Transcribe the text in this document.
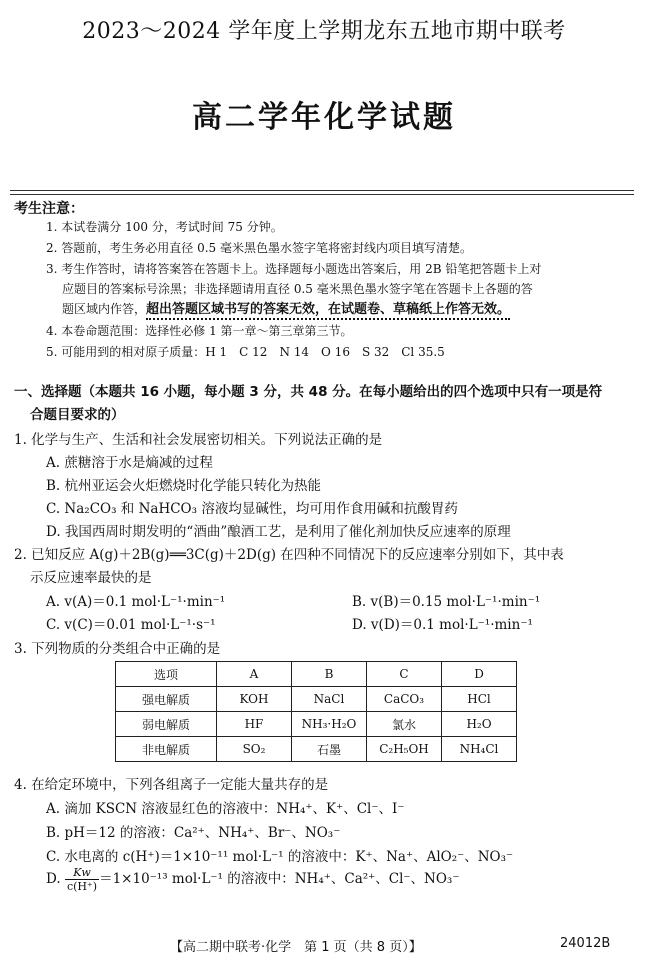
2023～2024 学年度上学期龙东五地市期中联考
高二学年化学试题
考生注意：
1. 本试卷满分 100 分，考试时间 75 分钟。
2. 答题前，考生务必用直径 0.5 毫米黑色墨水签字笔将密封线内项目填写清楚。
3. 考生作答时，请将答案答在答题卡上。选择题每小题选出答案后，用 2B 铅笔把答题卡上对
应题目的答案标号涂黑；非选择题请用直径 0.5 毫米黑色墨水签字笔在答题卡上各题的答
题区域内作答，超出答题区域书写的答案无效，在试题卷、草稿纸上作答无效。
4. 本卷命题范围：选择性必修 1 第一章～第三章第三节。
5. 可能用到的相对原子质量：H 1　C 12　N 14　O 16　S 32　Cl 35.5
一、选择题（本题共 16 小题，每小题 3 分，共 48 分。在每小题给出的四个选项中只有一项是符
合题目要求的）
1. 化学与生产、生活和社会发展密切相关。下列说法正确的是
A. 蔗糖溶于水是熵减的过程
B. 杭州亚运会火炬燃烧时化学能只转化为热能
C. Na₂CO₃ 和 NaHCO₃ 溶液均显碱性，均可用作食用碱和抗酸胃药
D. 我国西周时期发明的“酒曲”酿酒工艺，是利用了催化剂加快反应速率的原理
2. 已知反应 A(g)＋2B(g)══3C(g)＋2D(g) 在四种不同情况下的反应速率分别如下，其中表
示反应速率最快的是
A. v(A)＝0.1 mol·L⁻¹·min⁻¹	B. v(B)＝0.15 mol·L⁻¹·min⁻¹
C. v(C)＝0.01 mol·L⁻¹·s⁻¹	D. v(D)＝0.1 mol·L⁻¹·min⁻¹
3. 下列物质的分类组合中正确的是
选项	A	B	C	D
强电解质	KOH	NaCl	CaCO₃	HCl
弱电解质	HF	NH₃·H₂O	氯水	H₂O
非电解质	SO₂	石墨	C₂H₅OH	NH₄Cl
4. 在给定环境中，下列各组离子一定能大量共存的是
A. 滴加 KSCN 溶液显红色的溶液中：NH₄⁺、K⁺、Cl⁻、I⁻
B. pH＝12 的溶液：Ca²⁺、NH₄⁺、Br⁻、NO₃⁻
C. 水电离的 c(H⁺)＝1×10⁻¹¹ mol·L⁻¹ 的溶液中：K⁺、Na⁺、AlO₂⁻、NO₃⁻
D. $\frac{Kw}{c(H^+)} =1\times 10^{-13}$ mol·L⁻¹ 的溶液中：NH₄⁺、Ca²⁺、Cl⁻、NO₃⁻
【高二期中联考·化学　第 1 页（共 8 页）】	24012B
